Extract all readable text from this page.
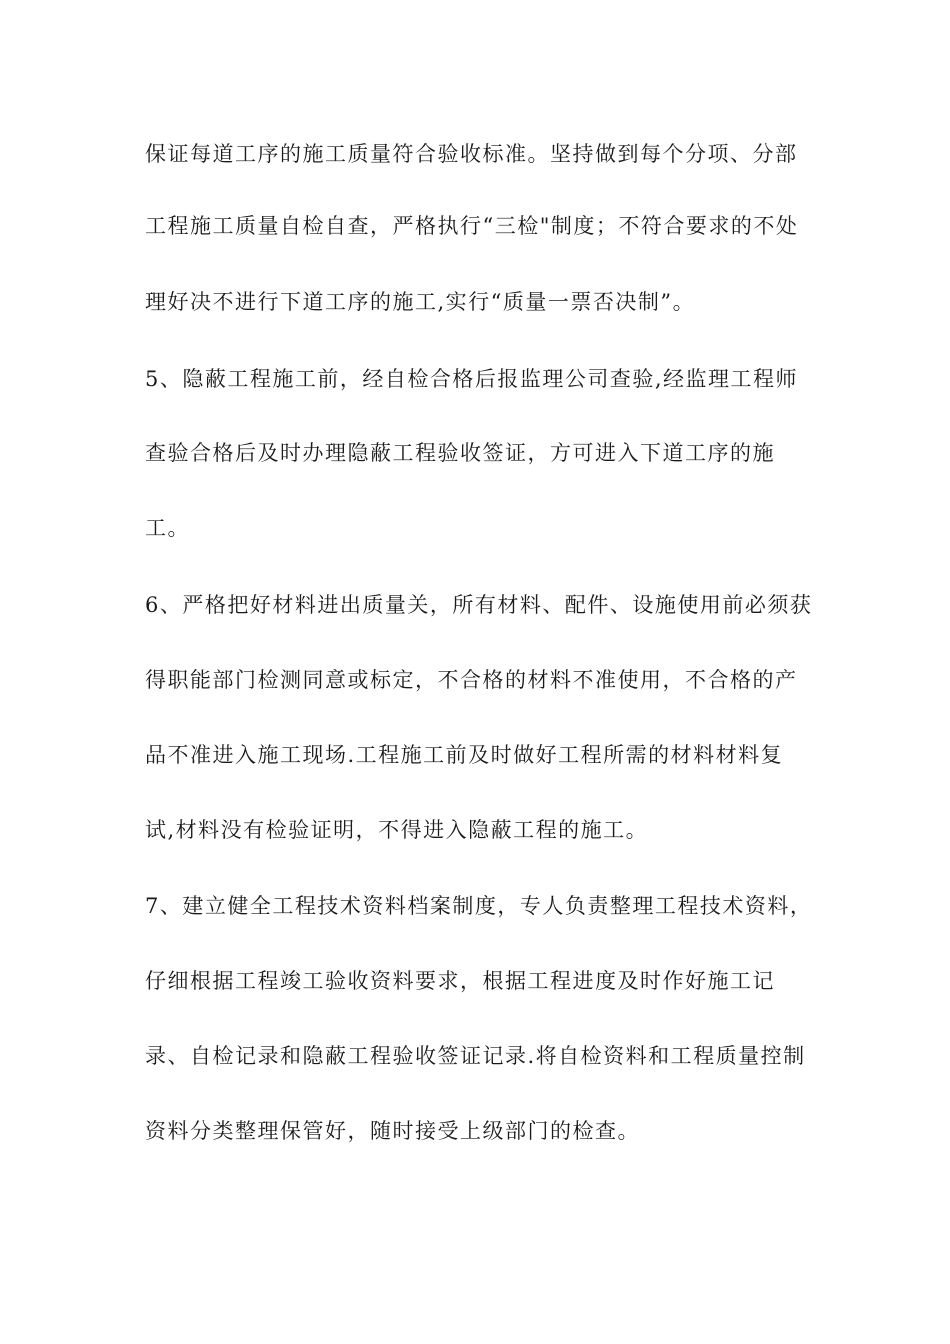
保证每道工序的施工质量符合验收标准。坚持做到每个分项、分部
工程施工质量自检自查，严格执行“三检"制度；不符合要求的不处
理好决不进行下道工序的施工,实行“质量一票否决制”。
5、隐蔽工程施工前，经自检合格后报监理公司查验,经监理工程师
查验合格后及时办理隐蔽工程验收签证，方可进入下道工序的施
工。
6、严格把好材料进出质量关，所有材料、配件、设施使用前必须获
得职能部门检测同意或标定，不合格的材料不准使用，不合格的产
品不准进入施工现场.工程施工前及时做好工程所需的材料材料复
试,材料没有检验证明，不得进入隐蔽工程的施工。
7、建立健全工程技术资料档案制度，专人负责整理工程技术资料，
仔细根据工程竣工验收资料要求，根据工程进度及时作好施工记
录、自检记录和隐蔽工程验收签证记录.将自检资料和工程质量控制
资料分类整理保管好，随时接受上级部门的检查。
